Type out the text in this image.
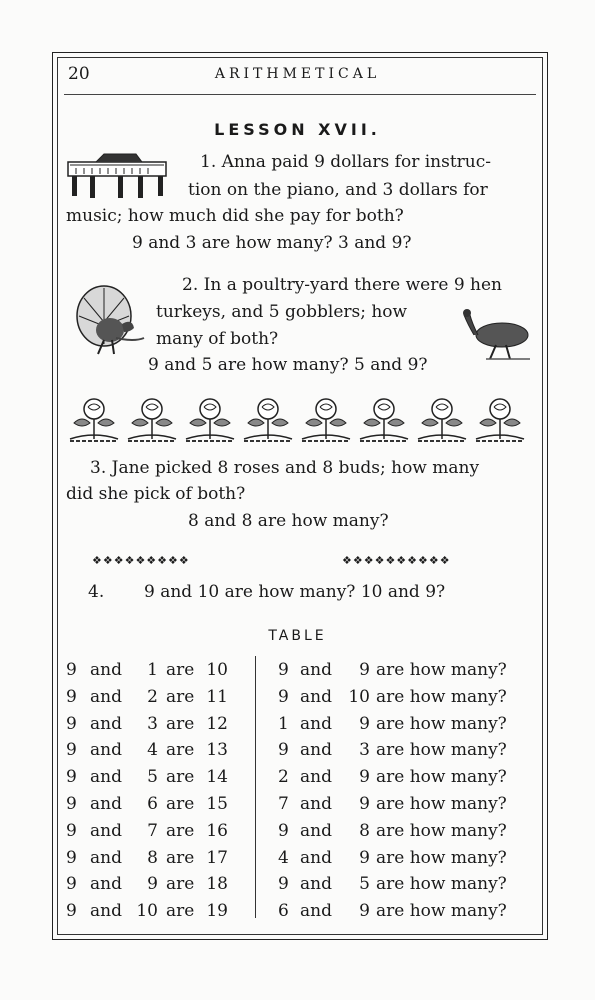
20	ARITHMETICAL
LESSON XVII.
1. Anna paid 9 dollars for instruc-
tion on the piano, and 3 dollars for
music; how much did she pay for both?
9 and 3 are how many? 3 and 9?
2. In a poultry-yard there were 9 hen
turkeys, and 5 gobblers; how
many of both?
9 and 5 are how many? 5 and 9?
3. Jane picked 8 roses and 8 buds; how many
did she pick of both?
8 and 8 are how many?
❖❖❖❖❖❖❖❖❖	❖❖❖❖❖❖❖❖❖❖
4. 9 and 10 are how many? 10 and 9?
TABLE
9 and	1 are 10
9 and	2 are 11
9 and	3 are 12
9 and	4 are 13
9 and	5 are 14
9 and	6 are 15
9 and	7 are 16
9 and	8 are 17
9 and	9 are 18
9 and 10 are 19
9 and	9 are how many?
9 and 10 are how many?
1 and	9 are how many?
9 and	3 are how many?
2 and	9 are how many?
7 and	9 are how many?
9 and	8 are how many?
4 and	9 are how many?
9 and	5 are how many?
6 and	9 are how many?
